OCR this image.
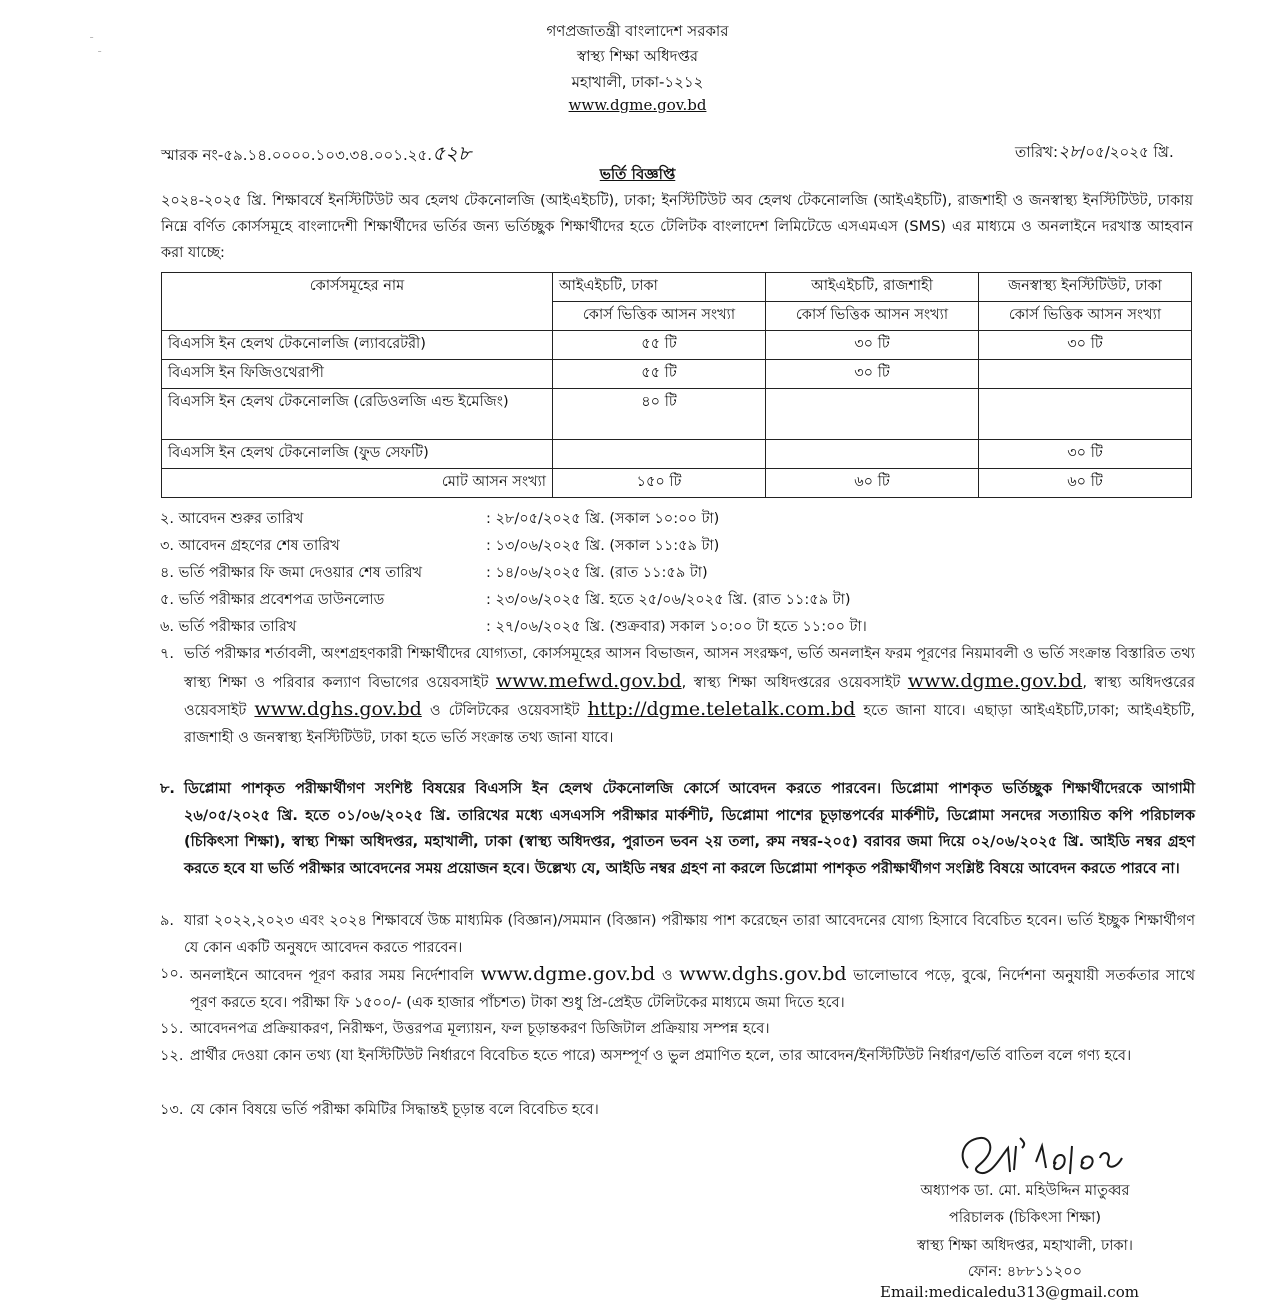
-
-
গণপ্রজাতন্ত্রী বাংলাদেশ সরকার
স্বাস্থ্য শিক্ষা অধিদপ্তর
মহাখালী, ঢাকা-১২১২
www.dgme.gov.bd
স্মারক নং-৫৯.১৪.০০০০.১০৩.৩৪.০০১.২৫.৫২৮	তারিখ:২৮/০৫/২০২৫ খ্রি.
ভর্তি বিজ্ঞপ্তি
২০২৪-২০২৫ খ্রি. শিক্ষাবর্ষে ইনস্টিটিউট অব হেলথ টেকনোলজি (আইএইচটি), ঢাকা; ইনস্টিটিউট অব হেলথ টেকনোলজি (আইএইচটি), রাজশাহী ও জনস্বাস্থ্য ইনস্টিটিউট, ঢাকায় নিম্নে বর্ণিত কোর্সসমূহে বাংলাদেশী শিক্ষার্থীদের ভর্তির জন্য ভর্তিচ্ছুক শিক্ষার্থীদের হতে টেলিটক বাংলাদেশ লিমিটেডে এসএমএস (SMS) এর মাধ্যমে ও অনলাইনে দরখাস্ত আহবান করা যাচ্ছে:
কোর্সসমূহের নাম	আইএইচটি, ঢাকা	আইএইচটি, রাজশাহী	জনস্বাস্থ্য ইনস্টিটিউট, ঢাকা
	কোর্স ভিত্তিক আসন সংখ্যা	কোর্স ভিত্তিক আসন সংখ্যা	কোর্স ভিত্তিক আসন সংখ্যা
বিএসসি ইন হেলথ টেকনোলজি (ল্যাবরেটরী)	৫৫ টি	৩০ টি	৩০ টি
বিএসসি ইন ফিজিওথেরাপী	৫৫ টি	৩০ টি	
বিএসসি ইন হেলথ টেকনোলজি (রেডিওলজি এন্ড ইমেজিং)	৪০ টি		
বিএসসি ইন হেলথ টেকনোলজি (ফুড সেফটি)			৩০ টি
মোট আসন সংখ্যা	১৫০ টি	৬০ টি	৬০ টি
২. আবেদন শুরুর তারিখ	: ২৮/০৫/২০২৫ খ্রি. (সকাল ১০:০০ টা)
৩. আবেদন গ্রহণের শেষ তারিখ	: ১৩/০৬/২০২৫ খ্রি. (সকাল ১১:৫৯ টা)
৪. ভর্তি পরীক্ষার ফি জমা দেওয়ার শেষ তারিখ	: ১৪/০৬/২০২৫ খ্রি. (রাত ১১:৫৯ টা)
৫. ভর্তি পরীক্ষার প্রবেশপত্র ডাউনলোড	: ২৩/০৬/২০২৫ খ্রি. হতে ২৫/০৬/২০২৫ খ্রি. (রাত ১১:৫৯ টা)
৬. ভর্তি পরীক্ষার তারিখ	: ২৭/০৬/২০২৫ খ্রি. (শুক্রবার) সকাল ১০:০০ টা হতে ১১:০০ টা।
৭. ভর্তি পরীক্ষার শর্তাবলী, অংশগ্রহণকারী শিক্ষার্থীদের যোগ্যতা, কোর্সসমূহের আসন বিভাজন, আসন সংরক্ষণ, ভর্তি অনলাইন ফরম পূরণের নিয়মাবলী ও ভর্তি সংক্রান্ত বিস্তারিত তথ্য স্বাস্থ্য শিক্ষা ও পরিবার কল্যাণ বিভাগের ওয়েবসাইট www.mefwd.gov.bd, স্বাস্থ্য শিক্ষা অধিদপ্তরের ওয়েবসাইট www.dgme.gov.bd, স্বাস্থ্য অধিদপ্তরের ওয়েবসাইট www.dghs.gov.bd ও টেলিটকের ওয়েবসাইট http://dgme.teletalk.com.bd হতে জানা যাবে। এছাড়া আইএইচটি,ঢাকা; আইএইচটি, রাজশাহী ও জনস্বাস্থ্য ইনস্টিটিউট, ঢাকা হতে ভর্তি সংক্রান্ত তথ্য জানা যাবে।
৮. ডিপ্লোমা পাশকৃত পরীক্ষার্থীগণ সংশিষ্ট বিষয়ের বিএসসি ইন হেলথ টেকনোলজি কোর্সে আবেদন করতে পারবেন। ডিপ্লোমা পাশকৃত ভর্তিচ্ছুক শিক্ষার্থীদেরকে আগামী ২৬/০৫/২০২৫ খ্রি. হতে ০১/০৬/২০২৫ খ্রি. তারিখের মধ্যে এসএসসি পরীক্ষার মার্কশীট, ডিপ্লোমা পাশের চূড়ান্তপর্বের মার্কশীট, ডিপ্লোমা সনদের সত্যায়িত কপি পরিচালক (চিকিৎসা শিক্ষা), স্বাস্থ্য শিক্ষা অধিদপ্তর, মহাখালী, ঢাকা (স্বাস্থ্য অধিদপ্তর, পুরাতন ভবন ২য় তলা, রুম নম্বর-২০৫) বরাবর জমা দিয়ে ০২/০৬/২০২৫ খ্রি. আইডি নম্বর গ্রহণ করতে হবে যা ভর্তি পরীক্ষার আবেদনের সময় প্রয়োজন হবে। উল্লেখ্য যে, আইডি নম্বর গ্রহণ না করলে ডিপ্লোমা পাশকৃত পরীক্ষার্থীগণ সংশ্লিষ্ট বিষয়ে আবেদন করতে পারবে না।
৯. যারা ২০২২,২০২৩ এবং ২০২৪ শিক্ষাবর্ষে উচ্চ মাধ্যমিক (বিজ্ঞান)/সমমান (বিজ্ঞান) পরীক্ষায় পাশ করেছেন তারা আবেদনের যোগ্য হিসাবে বিবেচিত হবেন। ভর্তি ইচ্ছুক শিক্ষার্থীগণ যে কোন একটি অনুষদে আবেদন করতে পারবেন।
১০. অনলাইনে আবেদন পূরণ করার সময় নির্দেশাবলি www.dgme.gov.bd ও www.dghs.gov.bd ভালোভাবে পড়ে, বুঝে, নির্দেশনা অনুযায়ী সতর্কতার সাথে পূরণ করতে হবে। পরীক্ষা ফি ১৫০০/- (এক হাজার পাঁচশত) টাকা শুধু প্রি-প্রেইড টেলিটকের মাধ্যমে জমা দিতে হবে।
১১. আবেদনপত্র প্রক্রিয়াকরণ, নিরীক্ষণ, উত্তরপত্র মূল্যায়ন, ফল চূড়ান্তকরণ ডিজিটাল প্রক্রিয়ায় সম্পন্ন হবে।
১২. প্রার্থীর দেওয়া কোন তথ্য (যা ইনস্টিটিউট নির্ধারণে বিবেচিত হতে পারে) অসম্পূর্ণ ও ভুল প্রমাণিত হলে, তার আবেদন/ইনস্টিটিউট নির্ধারণ/ভর্তি বাতিল বলে গণ্য হবে।
১৩. যে কোন বিষয়ে ভর্তি পরীক্ষা কমিটির সিদ্ধান্তই চূড়ান্ত বলে বিবেচিত হবে।
অধ্যাপক ডা. মো. মহিউদ্দিন মাতুব্বর
পরিচালক (চিকিৎসা শিক্ষা)
স্বাস্থ্য শিক্ষা অধিদপ্তর, মহাখালী, ঢাকা।
ফোন: ৪৮৮১১২০০
Email:medicaledu313@gmail.com
